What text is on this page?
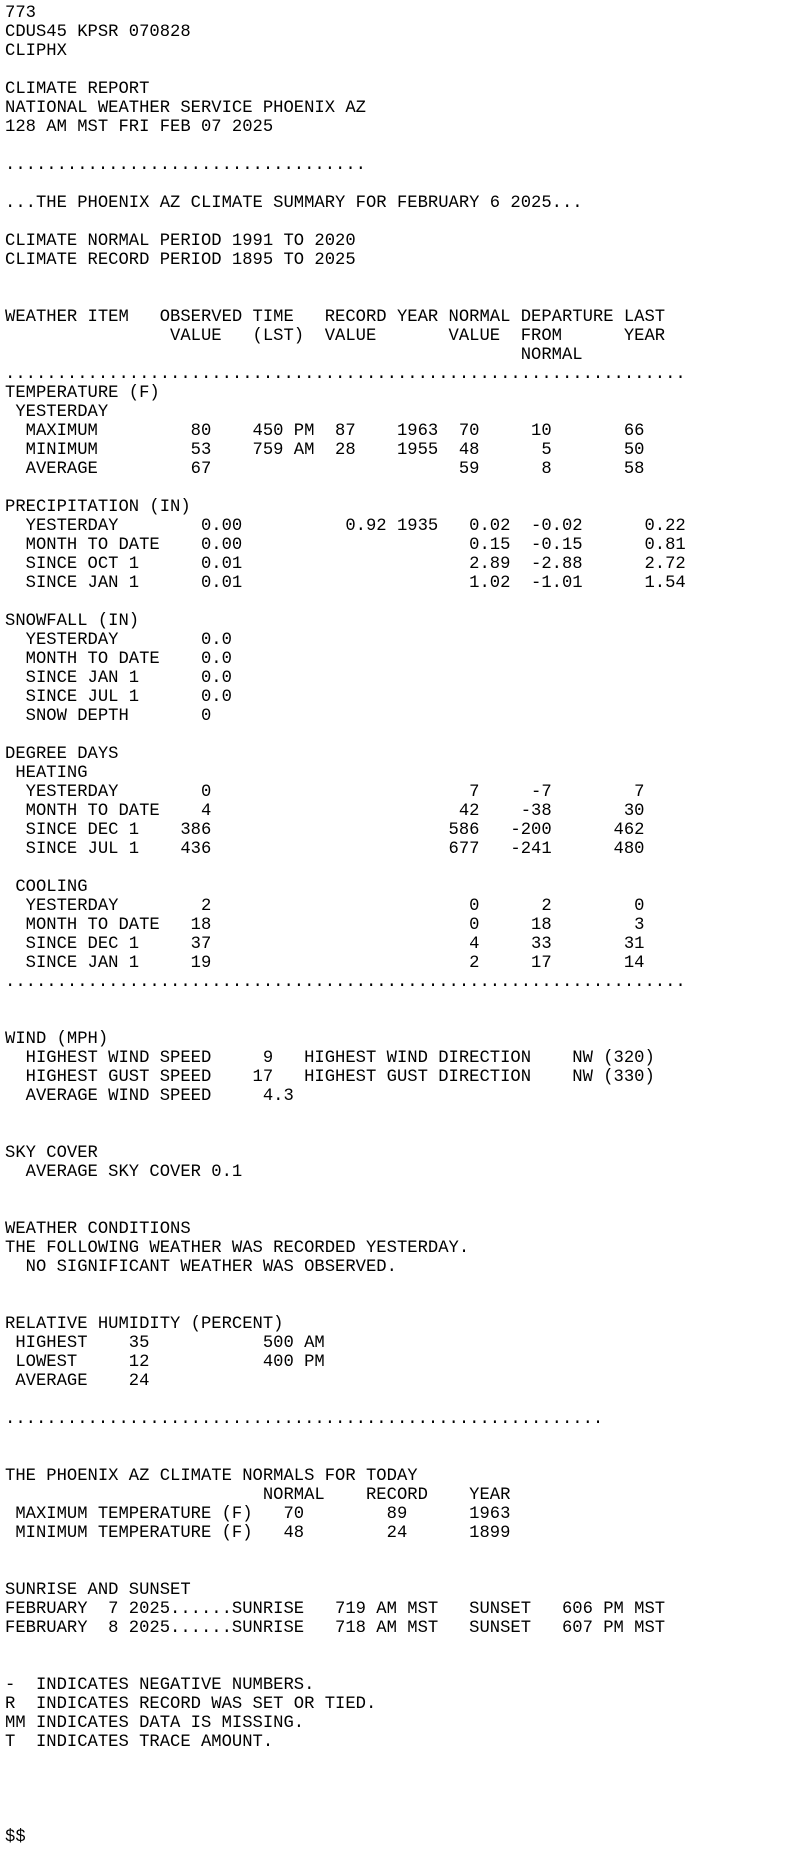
773
CDUS45 KPSR 070828
CLIPHX
CLIMATE REPORT
NATIONAL WEATHER SERVICE PHOENIX AZ
128 AM MST FRI FEB 07 2025
...................................
...THE PHOENIX AZ CLIMATE SUMMARY FOR FEBRUARY 6 2025...
CLIMATE NORMAL PERIOD 1991 TO 2020
CLIMATE RECORD PERIOD 1895 TO 2025
WEATHER ITEM   OBSERVED TIME   RECORD YEAR NORMAL DEPARTURE LAST
VALUE   (LST)  VALUE       VALUE  FROM      YEAR
NORMAL
..................................................................
TEMPERATURE (F)
YESTERDAY
MAXIMUM         80    450 PM  87    1963  70     10       66
MINIMUM         53    759 AM  28    1955  48      5       50
AVERAGE         67                        59      8       58
PRECIPITATION (IN)
YESTERDAY        0.00          0.92 1935   0.02  -0.02      0.22
MONTH TO DATE    0.00                      0.15  -0.15      0.81
SINCE OCT 1      0.01                      2.89  -2.88      2.72
SINCE JAN 1      0.01                      1.02  -1.01      1.54
SNOWFALL (IN)
YESTERDAY        0.0
MONTH TO DATE    0.0
SINCE JAN 1      0.0
SINCE JUL 1      0.0
SNOW DEPTH       0
DEGREE DAYS
HEATING
YESTERDAY        0                         7     -7        7
MONTH TO DATE    4                        42    -38       30
SINCE DEC 1    386                       586   -200      462
SINCE JUL 1    436                       677   -241      480
COOLING
YESTERDAY        2                         0      2        0
MONTH TO DATE   18                         0     18        3
SINCE DEC 1     37                         4     33       31
SINCE JAN 1     19                         2     17       14
..................................................................
WIND (MPH)
HIGHEST WIND SPEED     9   HIGHEST WIND DIRECTION    NW (320)
HIGHEST GUST SPEED    17   HIGHEST GUST DIRECTION    NW (330)
AVERAGE WIND SPEED     4.3
SKY COVER
AVERAGE SKY COVER 0.1
WEATHER CONDITIONS
THE FOLLOWING WEATHER WAS RECORDED YESTERDAY.
NO SIGNIFICANT WEATHER WAS OBSERVED.
RELATIVE HUMIDITY (PERCENT)
HIGHEST    35           500 AM
LOWEST     12           400 PM
AVERAGE    24
..........................................................
THE PHOENIX AZ CLIMATE NORMALS FOR TODAY
NORMAL    RECORD    YEAR
MAXIMUM TEMPERATURE (F)   70        89      1963
MINIMUM TEMPERATURE (F)   48        24      1899
SUNRISE AND SUNSET
FEBRUARY  7 2025......SUNRISE   719 AM MST   SUNSET   606 PM MST
FEBRUARY  8 2025......SUNRISE   718 AM MST   SUNSET   607 PM MST
-  INDICATES NEGATIVE NUMBERS.
R  INDICATES RECORD WAS SET OR TIED.
MM INDICATES DATA IS MISSING.
T  INDICATES TRACE AMOUNT.
$$
